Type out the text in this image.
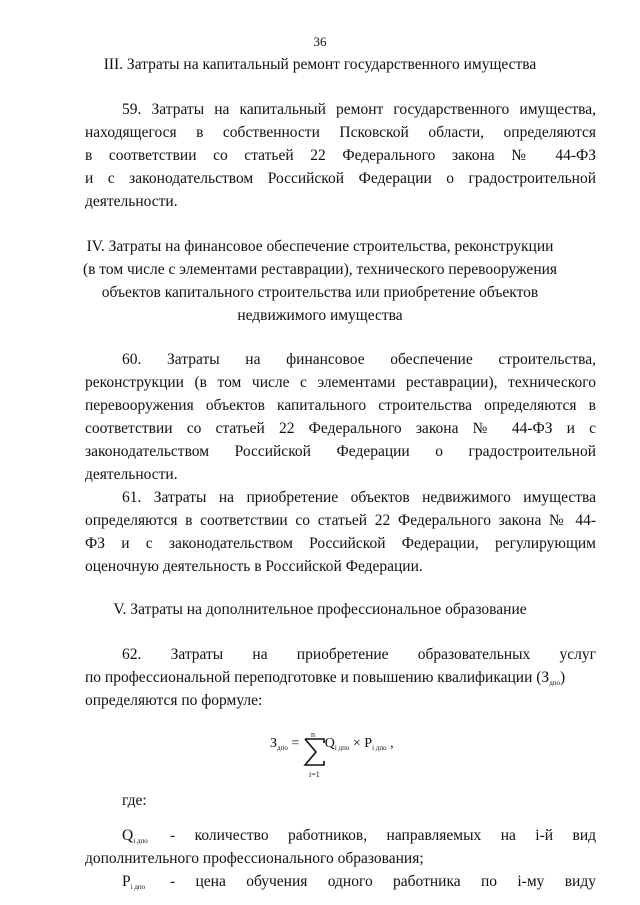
36
III. Затраты на капитальный ремонт государственного имущества
59. Затраты на капитальный ремонт государственного имущества,
находящегося в собственности Псковской области, определяются
в соответствии со статьей 22 Федерального закона № 44-ФЗ
и с законодательством Российской Федерации о градостроительной
деятельности.
IV. Затраты на финансовое обеспечение строительства, реконструкции
(в том числе с элементами реставрации), технического перевооружения
объектов капитального строительства или приобретение объектов
недвижимого имущества
60. Затраты на финансовое обеспечение строительства,
реконструкции (в том числе с элементами реставрации), технического
перевооружения объектов капитального строительства определяются в
соответствии со статьей 22 Федерального закона № 44-ФЗ и с
законодательством Российской Федерации о градостроительной
деятельности.
61. Затраты на приобретение объектов недвижимого имущества
определяются в соответствии со статьей 22 Федерального закона № 44-
ФЗ и с законодательством Российской Федерации, регулирующим
оценочную деятельность в Российской Федерации.
V. Затраты на дополнительное профессиональное образование
62. Затраты на приобретение образовательных услуг
по профессиональной переподготовке и повышению квалификации $(З_{дпо})$
определяются по формуле:
$З_{дпо} = Q_{i дпо} \times P_{i дпо}$ ,
n
i=1
где:
$Q_{i дпо}$ - количество работников, направляемых на i-й вид
дополнительного профессионального образования;
$P_{i дпо}$ - цена обучения одного работника по i-му виду
